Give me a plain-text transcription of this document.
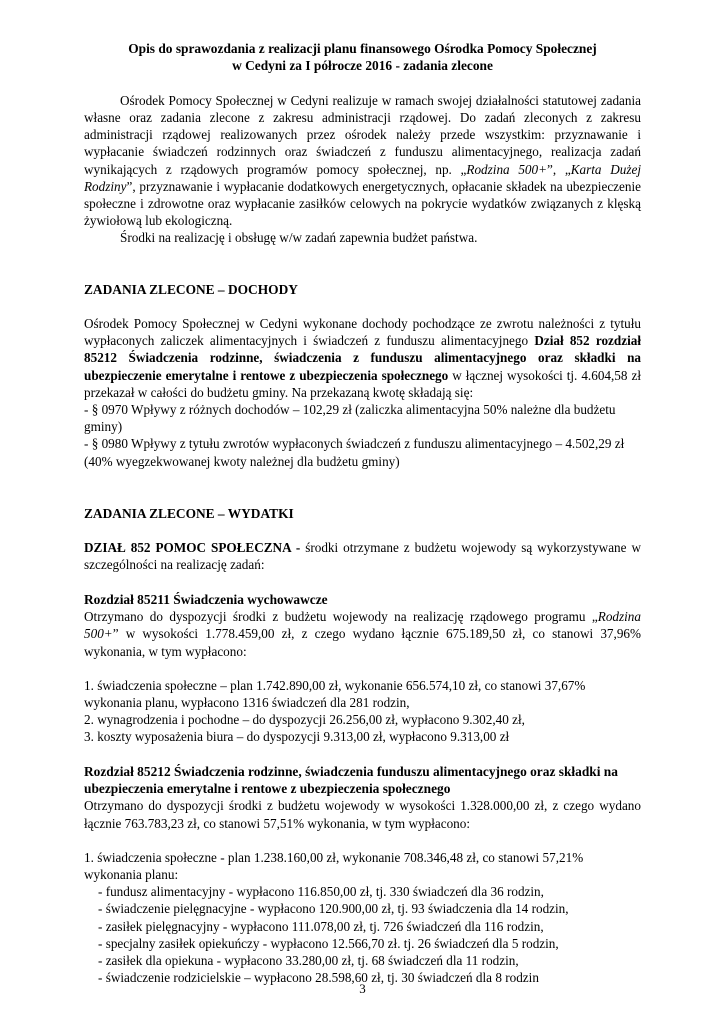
Opis do sprawozdania z realizacji planu finansowego Ośrodka Pomocy Społecznej
w Cedyni za I półrocze 2016 - zadania zlecone

Ośrodek Pomocy Społecznej w Cedyni realizuje w ramach swojej działalności statutowej zadania własne oraz zadania zlecone z zakresu administracji rządowej. Do zadań zleconych z zakresu administracji rządowej realizowanych przez ośrodek należy przede wszystkim: przyznawanie i wypłacanie świadczeń rodzinnych oraz świadczeń z funduszu alimentacyjnego, realizacja zadań wynikających z rządowych programów pomocy społecznej, np. „Rodzina 500+”, „Karta Dużej Rodziny”, przyznawanie i wypłacanie dodatkowych energetycznych, opłacanie składek na ubezpieczenie społeczne i zdrowotne oraz wypłacanie zasiłków celowych na pokrycie wydatków związanych z klęską żywiołową lub ekologiczną.

Środki na realizację i obsługę w/w zadań zapewnia budżet państwa.

ZADANIA ZLECONE – DOCHODY

Ośrodek Pomocy Społecznej w Cedyni wykonane dochody pochodzące ze zwrotu należności z tytułu wypłaconych zaliczek alimentacyjnych i świadczeń z funduszu alimentacyjnego Dział 852 rozdział 85212 Świadczenia rodzinne, świadczenia z funduszu alimentacyjnego oraz składki na ubezpieczenie emerytalne i rentowe z ubezpieczenia społecznego w łącznej wysokości tj. 4.604,58 zł przekazał w całości do budżetu gminy. Na przekazaną kwotę składają się:

- § 0970 Wpływy z różnych dochodów – 102,29 zł (zaliczka alimentacyjna 50% należne dla budżetu gminy)
- § 0980 Wpływy z tytułu zwrotów wypłaconych świadczeń z funduszu alimentacyjnego – 4.502,29 zł (40% wyegzekwowanej kwoty należnej dla budżetu gminy)
ZADANIA ZLECONE – WYDATKI

DZIAŁ 852 POMOC SPOŁECZNA - środki otrzymane z budżetu wojewody są wykorzystywane w szczególności na realizację zadań:

Rozdział 85211 Świadczenia wychowawcze

Otrzymano do dyspozycji środki z budżetu wojewody na realizację rządowego programu „Rodzina 500+” w wysokości 1.778.459,00 zł, z czego wydano łącznie 675.189,50 zł, co stanowi 37,96% wykonania, w tym wypłacono:

1. świadczenia społeczne – plan 1.742.890,00 zł, wykonanie 656.574,10 zł, co stanowi 37,67% wykonania planu, wypłacono 1316 świadczeń dla 281 rodzin,
2. wynagrodzenia i pochodne – do dyspozycji 26.256,00 zł, wypłacono 9.302,40 zł,
3. koszty wyposażenia biura – do dyspozycji 9.313,00 zł, wypłacono 9.313,00 zł
Rozdział 85212 Świadczenia rodzinne, świadczenia funduszu alimentacyjnego oraz składki na ubezpieczenia emerytalne i rentowe z ubezpieczenia społecznego

Otrzymano do dyspozycji środki z budżetu wojewody w wysokości 1.328.000,00 zł, z czego wydano łącznie 763.783,23 zł, co stanowi 57,51% wykonania, w tym wypłacono:

1. świadczenia społeczne - plan 1.238.160,00 zł, wykonanie 708.346,48 zł, co stanowi 57,21% wykonania planu:
- fundusz alimentacyjny - wypłacono 116.850,00 zł, tj. 330 świadczeń dla 36 rodzin,
- świadczenie pielęgnacyjne - wypłacono 120.900,00 zł, tj. 93 świadczenia dla 14 rodzin,
- zasiłek pielęgnacyjny - wypłacono 111.078,00 zł, tj. 726 świadczeń dla 116 rodzin,
- specjalny zasiłek opiekuńczy - wypłacono 12.566,70 zł. tj. 26 świadczeń dla 5 rodzin,
- zasiłek dla opiekuna - wypłacono 33.280,00 zł, tj. 68 świadczeń dla 11 rodzin,
- świadczenie rodzicielskie – wypłacono 28.598,60 zł, tj. 30 świadczeń dla 8 rodzin
3
